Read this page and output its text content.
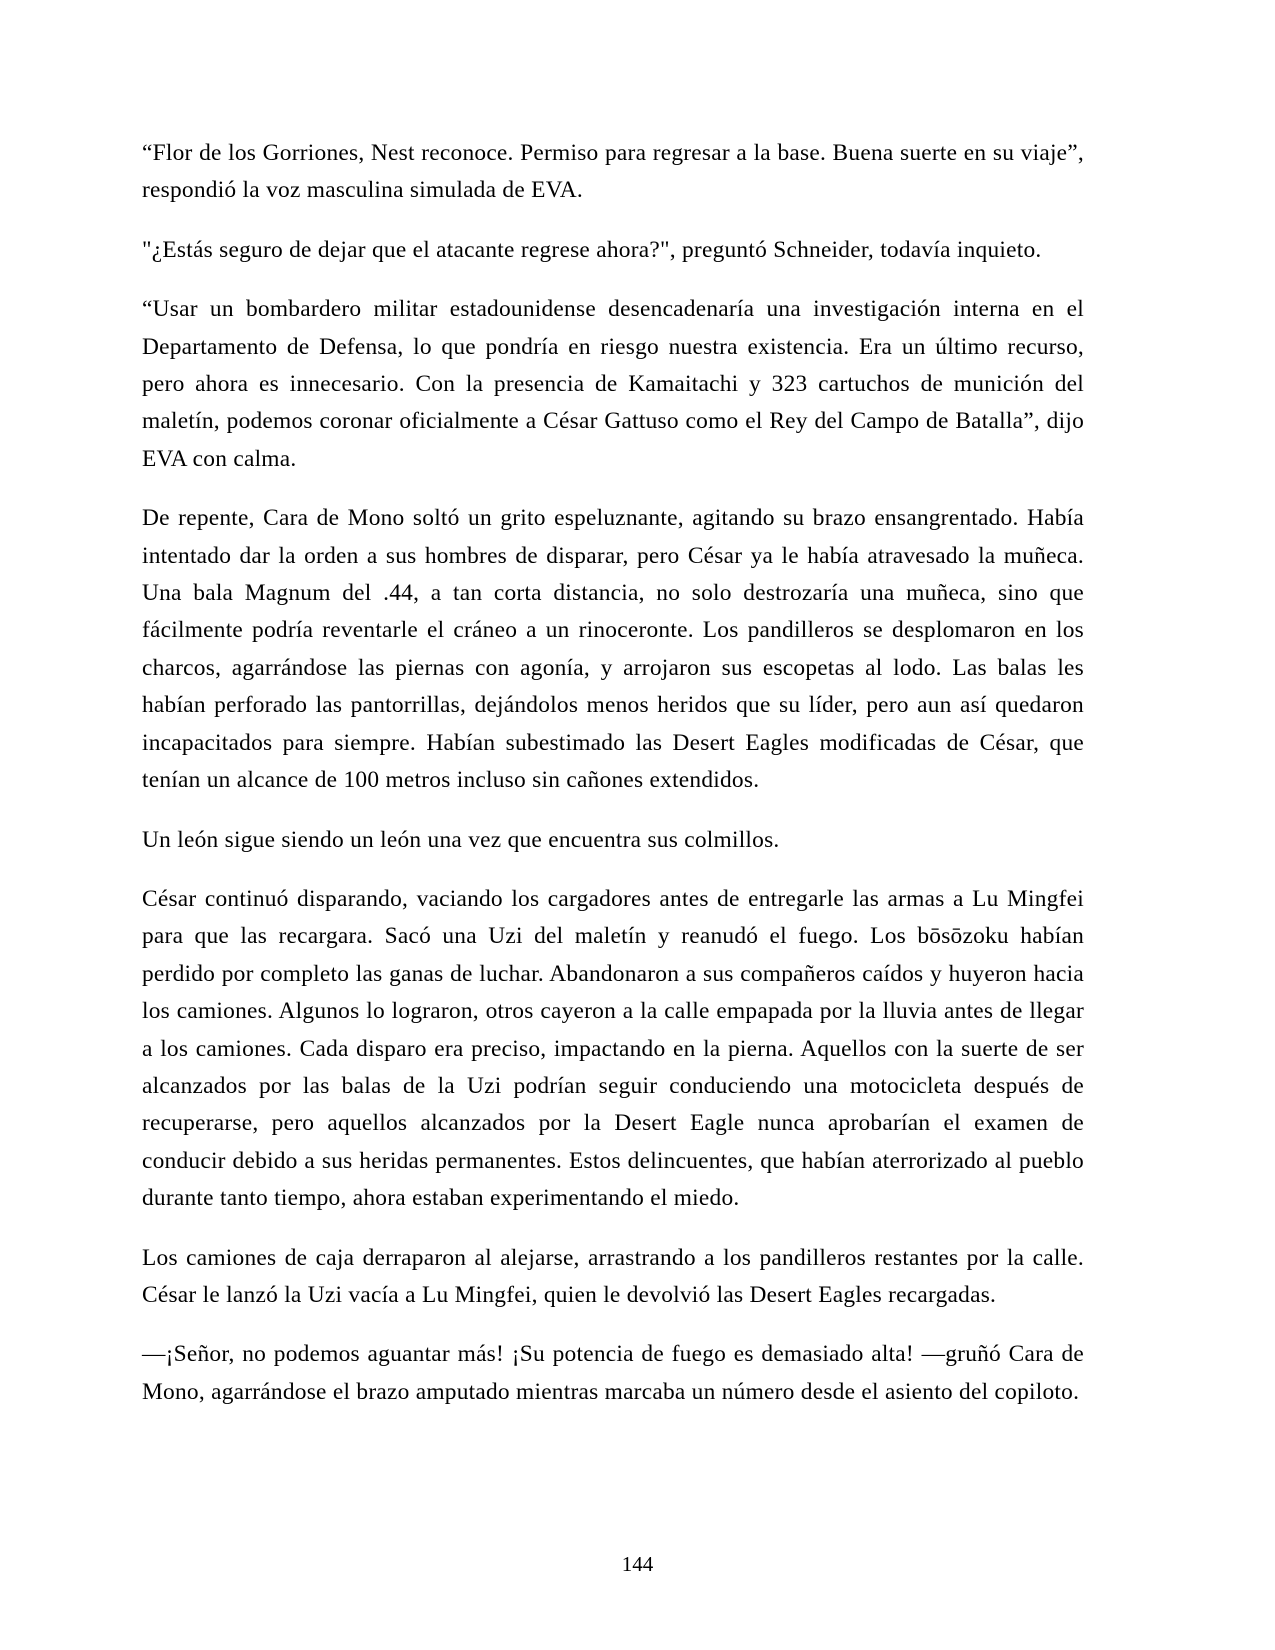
“Flor de los Gorriones, Nest reconoce. Permiso para regresar a la base. Buena suerte en su viaje”, respondió la voz masculina simulada de EVA.

"¿Estás seguro de dejar que el atacante regrese ahora?", preguntó Schneider, todavía inquieto.

“Usar un bombardero militar estadounidense desencadenaría una investigación interna en el Departamento de Defensa, lo que pondría en riesgo nuestra existencia. Era un último recurso, pero ahora es innecesario. Con la presencia de Kamaitachi y 323 cartuchos de munición del maletín, podemos coronar oficialmente a César Gattuso como el Rey del Campo de Batalla”, dijo EVA con calma.

De repente, Cara de Mono soltó un grito espeluznante, agitando su brazo ensangrentado. Había intentado dar la orden a sus hombres de disparar, pero César ya le había atravesado la muñeca. Una bala Magnum del .44, a tan corta distancia, no solo destrozaría una muñeca, sino que fácilmente podría reventarle el cráneo a un rinoceronte. Los pandilleros se desplomaron en los charcos, agarrándose las piernas con agonía, y arrojaron sus escopetas al lodo. Las balas les habían perforado las pantorrillas, dejándolos menos heridos que su líder, pero aun así quedaron incapacitados para siempre. Habían subestimado las Desert Eagles modificadas de César, que tenían un alcance de 100 metros incluso sin cañones extendidos.

Un león sigue siendo un león una vez que encuentra sus colmillos.

César continuó disparando, vaciando los cargadores antes de entregarle las armas a Lu Mingfei para que las recargara. Sacó una Uzi del maletín y reanudó el fuego. Los bōsōzoku habían perdido por completo las ganas de luchar. Abandonaron a sus compañeros caídos y huyeron hacia los camiones. Algunos lo lograron, otros cayeron a la calle empapada por la lluvia antes de llegar a los camiones. Cada disparo era preciso, impactando en la pierna. Aquellos con la suerte de ser alcanzados por las balas de la Uzi podrían seguir conduciendo una motocicleta después de recuperarse, pero aquellos alcanzados por la Desert Eagle nunca aprobarían el examen de conducir debido a sus heridas permanentes. Estos delincuentes, que habían aterrorizado al pueblo durante tanto tiempo, ahora estaban experimentando el miedo.

Los camiones de caja derraparon al alejarse, arrastrando a los pandilleros restantes por la calle. César le lanzó la Uzi vacía a Lu Mingfei, quien le devolvió las Desert Eagles recargadas.

—¡Señor, no podemos aguantar más! ¡Su potencia de fuego es demasiado alta! —gruñó Cara de Mono, agarrándose el brazo amputado mientras marcaba un número desde el asiento del copiloto.

144
